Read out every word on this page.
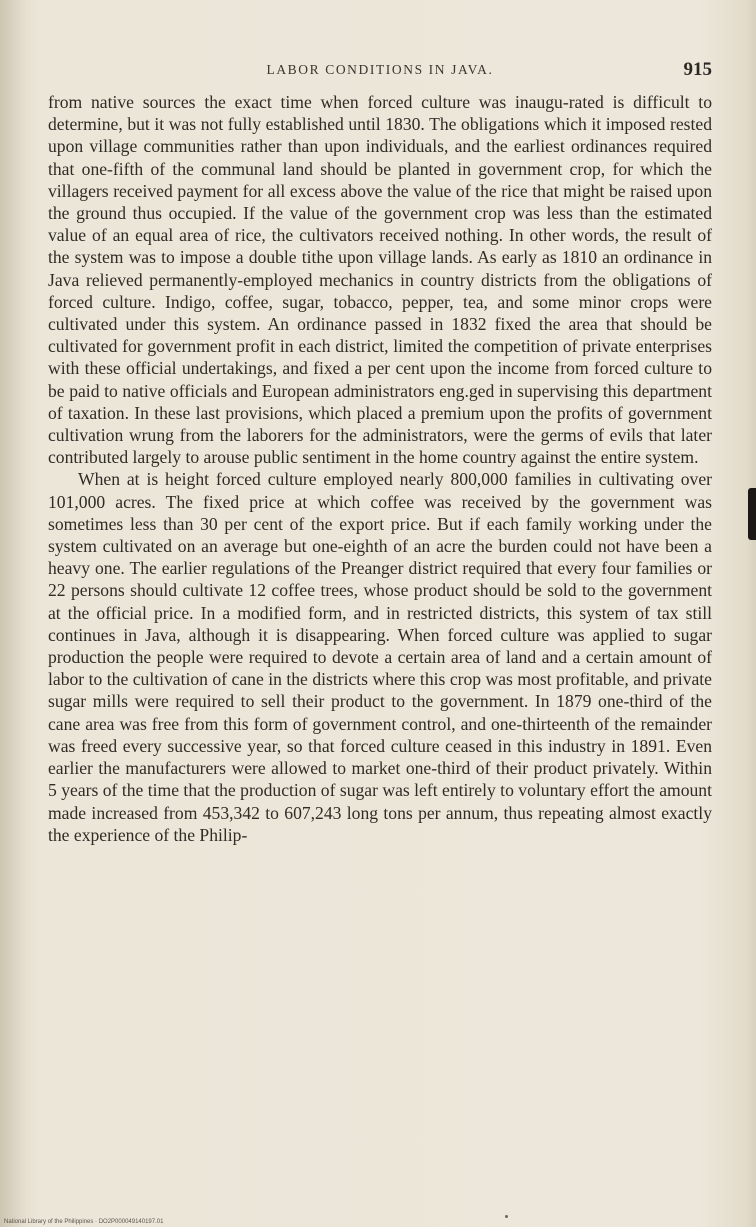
LABOR CONDITIONS IN JAVA.	915

from native sources the exact time when forced culture was inaugu-rated is difficult to determine, but it was not fully established until 1830. The obligations which it imposed rested upon village communities rather than upon individuals, and the earliest ordinances required that one-fifth of the communal land should be planted in government crop, for which the villagers received payment for all excess above the value of the rice that might be raised upon the ground thus occupied. If the value of the government crop was less than the estimated value of an equal area of rice, the cultivators received nothing. In other words, the result of the system was to impose a double tithe upon village lands. As early as 1810 an ordinance in Java relieved permanently-employed mechanics in country districts from the obligations of forced culture. Indigo, coffee, sugar, tobacco, pepper, tea, and some minor crops were cultivated under this system. An ordinance passed in 1832 fixed the area that should be cultivated for government profit in each district, limited the competition of private enterprises with these official undertakings, and fixed a per cent upon the income from forced culture to be paid to native officials and European administrators eng.ged in supervising this department of taxation. In these last provisions, which placed a premium upon the profits of government cultivation wrung from the laborers for the administrators, were the germs of evils that later contributed largely to arouse public sentiment in the home country against the entire system.

When at is height forced culture employed nearly 800,000 families in cultivating over 101,000 acres. The fixed price at which coffee was received by the government was sometimes less than 30 per cent of the export price. But if each family working under the system cultivated on an average but one-eighth of an acre the burden could not have been a heavy one. The earlier regulations of the Preanger district required that every four families or 22 persons should cultivate 12 coffee trees, whose product should be sold to the government at the official price. In a modified form, and in restricted districts, this system of tax still continues in Java, although it is disappearing. When forced culture was applied to sugar production the people were required to devote a certain area of land and a certain amount of labor to the cultivation of cane in the districts where this crop was most profitable, and private sugar mills were required to sell their product to the government. In 1879 one-third of the cane area was free from this form of government control, and one-thirteenth of the remainder was freed every successive year, so that forced culture ceased in this industry in 1891. Even earlier the manufacturers were allowed to market one-third of their product privately. Within 5 years of the time that the production of sugar was left entirely to voluntary effort the amount made increased from 453,342 to 607,243 long tons per annum, thus repeating almost exactly the experience of the Philip-

National Library of the Philippines · DO2P000049140197.01
